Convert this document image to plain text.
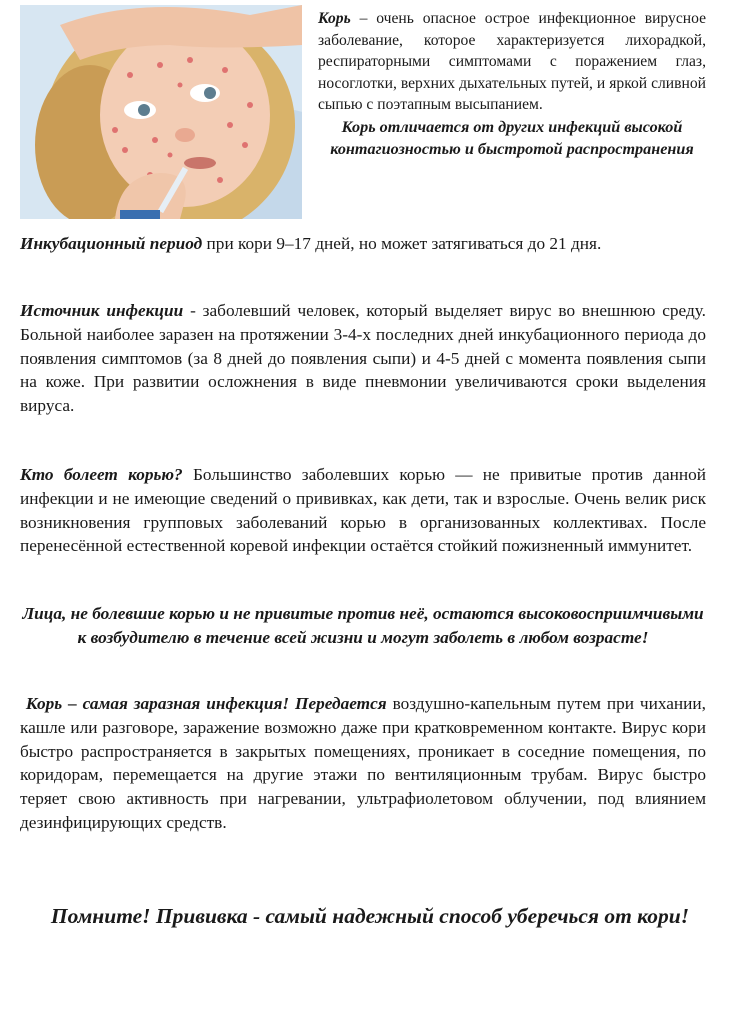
Корь – очень опасное острое инфекционное вирусное заболевание, которое характеризуется лихорадкой, респираторными симптомами с поражением глаз, носоглотки, верхних дыхательных путей, и яркой сливной сыпью с поэтапным высыпанием.

Корь отличается от других инфекций высокой контагиозностью и быстротой распространения

Инкубационный период при кори 9–17 дней, но может затягиваться до 21 дня.

Источник инфекции - заболевший человек, который выделяет вирус во внешнюю среду. Больной наиболее заразен на протяжении 3-4-х последних дней инкубационного периода до появления симптомов (за 8 дней до появления сыпи) и 4-5 дней с момента появления сыпи на коже. При развитии осложнения в виде пневмонии увеличиваются сроки выделения вируса.

Кто болеет корью? Большинство заболевших корью — не привитые против данной инфекции и не имеющие сведений о прививках, как дети, так и взрослые. Очень велик риск возникновения групповых заболеваний корью в организованных коллективах. После перенесённой естественной коревой инфекции остаётся стойкий пожизненный иммунитет.

Лица, не болевшие корью и не привитые против неё, остаются высоковосприимчивыми к возбудителю в течение всей жизни и могут заболеть в любом возрасте!

Корь – самая заразная инфекция! Передается воздушно-капельным путем при чихании, кашле или разговоре, заражение возможно даже при кратковременном контакте. Вирус кори быстро распространяется в закрытых помещениях, проникает в соседние помещения, по коридорам, перемещается на другие этажи по вентиляционным трубам. Вирус быстро теряет свою активность при нагревании, ультрафиолетовом облучении, под влиянием дезинфицирующих средств.

Помните! Прививка - самый надежный способ уберечься от кори!
